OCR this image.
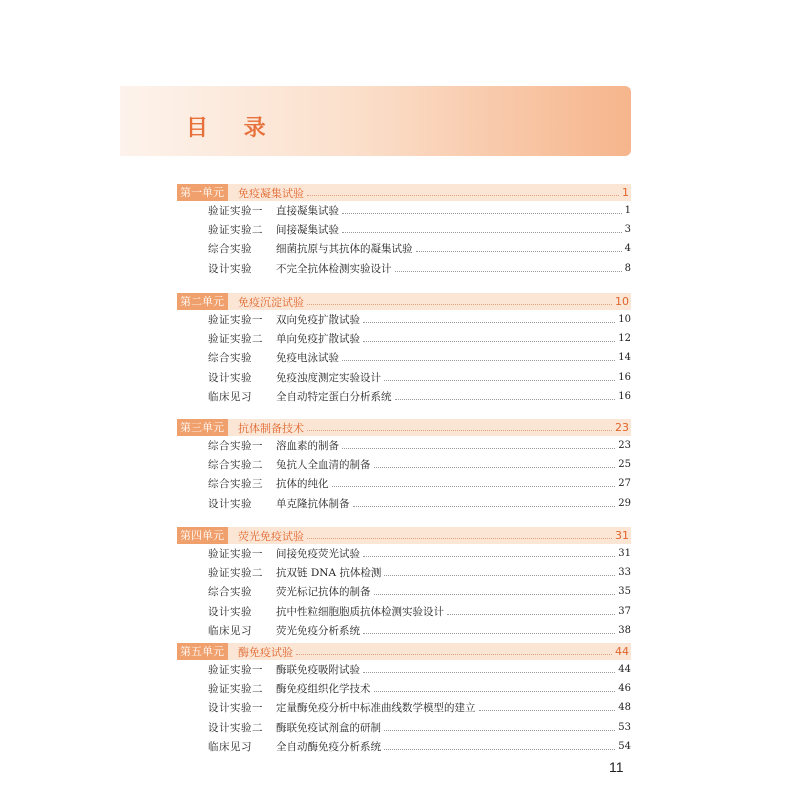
目 录
第一单元	免疫凝集试验	1
验证实验一	直接凝集试验	1
验证实验二	间接凝集试验	3
综合实验	细菌抗原与其抗体的凝集试验	4
设计实验	不完全抗体检测实验设计	8
第二单元	免疫沉淀试验	10
验证实验一	双向免疫扩散试验	10
验证实验二	单向免疫扩散试验	12
综合实验	免疫电泳试验	14
设计实验	免疫浊度测定实验设计	16
临床见习	全自动特定蛋白分析系统	16
第三单元	抗体制备技术	23
综合实验一	溶血素的制备	23
综合实验二	兔抗人全血清的制备	25
综合实验三	抗体的纯化	27
设计实验	单克隆抗体制备	29
第四单元	荧光免疫试验	31
验证实验一	间接免疫荧光试验	31
验证实验二	抗双链 DNA 抗体检测	33
综合实验	荧光标记抗体的制备	35
设计实验	抗中性粒细胞胞质抗体检测实验设计	37
临床见习	荧光免疫分析系统	38
第五单元	酶免疫试验	44
验证实验一	酶联免疫吸附试验	44
验证实验二	酶免疫组织化学技术	46
设计实验一	定量酶免疫分析中标准曲线数学模型的建立	48
设计实验二	酶联免疫试剂盒的研制	53
临床见习	全自动酶免疫分析系统	54
11
